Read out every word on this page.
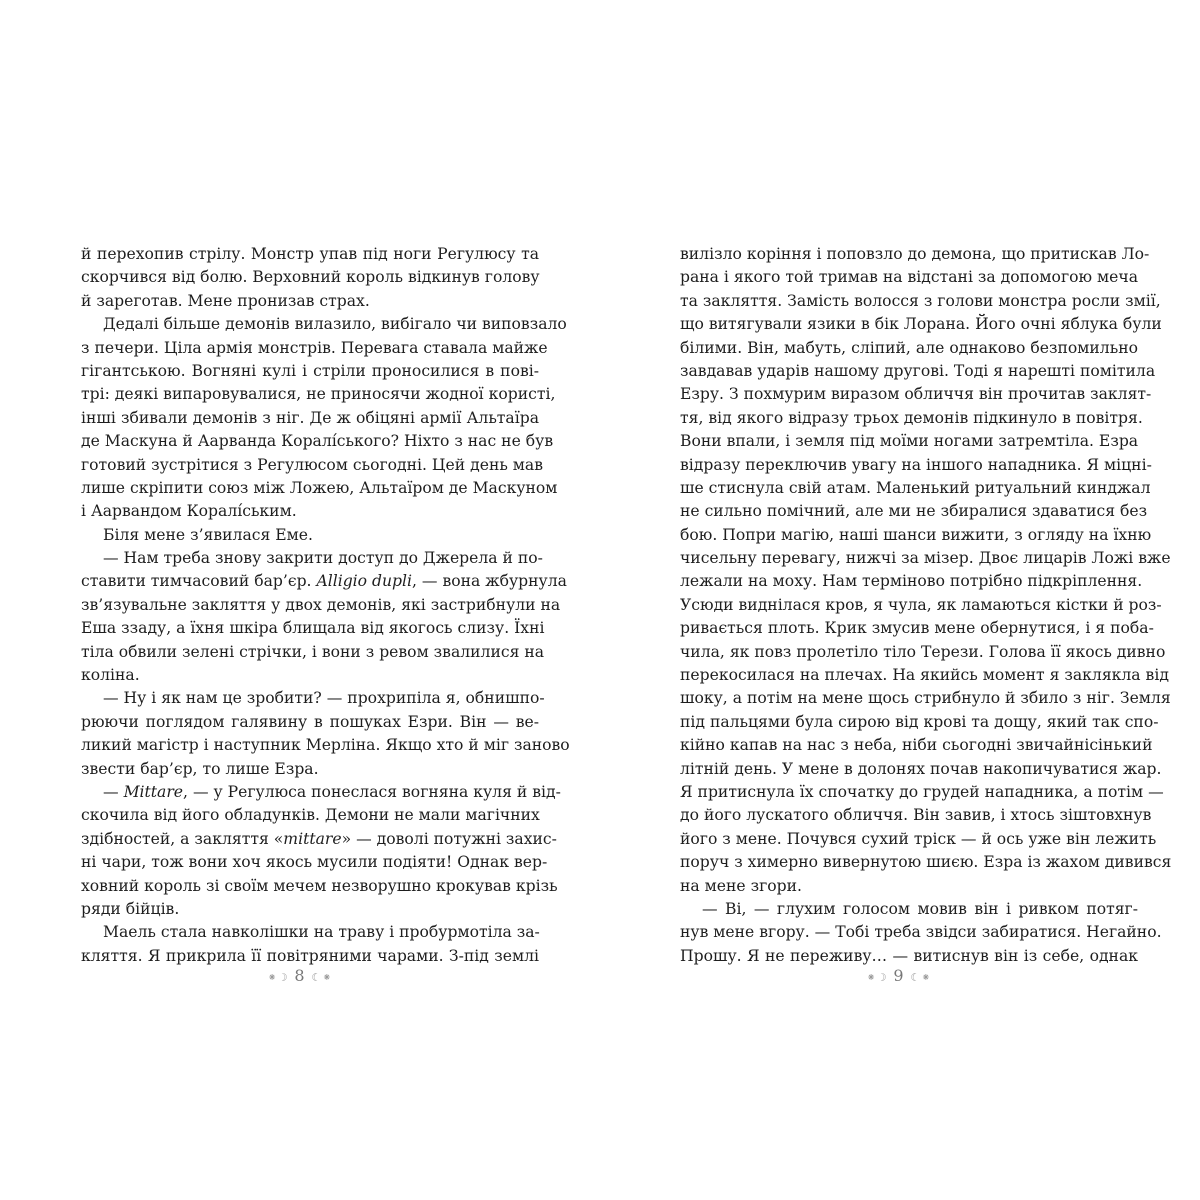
й перехопив стрілу. Монстр упав під ноги Регулюсу та
скорчився від болю. Верховний король відкинув голову
й зареготав. Мене пронизав страх.
Дедалі більше демонів вилазило, вибігало чи виповзало
з печери. Ціла армія монстрів. Перевага ставала майже
гігантською. Вогняні кулі і стріли проносилися в пові-
трі: деякі випаровувалися, не приносячи жодної користі,
інші збивали демонів з ніг. Де ж обіцяні армії Альтаїра
де Маскуна й Аарванда Коралíського? Ніхто з нас не був
готовий зустрітися з Регулюсом сьогодні. Цей день мав
лише скріпити союз між Ложею, Альтаїром де Маскуном
і Аарвандом Коралíським.
Біля мене з’явилася Еме.
— Нам треба знову закрити доступ до Джерела й по-
ставити тимчасовий бар’єр. Alligio dupli, — вона жбурнула
зв’язувальне закляття у двох демонів, які застрибнули на
Еша ззаду, а їхня шкіра блищала від якогось слизу. Їхні
тіла обвили зелені стрічки, і вони з ревом звалилися на
коліна.
— Ну і як нам це зробити? — прохрипіла я, обнишпо-
рюючи поглядом галявину в пошуках Езри. Він — ве-
ликий магістр і наступник Мерліна. Якщо хто й міг заново
звести бар’єр, то лише Езра.
— Mittare, — у Регулюса понеслася вогняна куля й від-
скочила від його обладунків. Демони не мали магічних
здібностей, а закляття «mittare» — доволі потужні захис-
ні чари, тож вони хоч якось мусили подіяти! Однак вер-
ховний король зі своїм мечем незворушно крокував крізь
ряди бійців.
Маель стала навколішки на траву і пробурмотіла за-
кляття. Я прикрила її повітряними чарами. З-під землі
вилізло коріння і поповзло до демона, що притискав Ло-
рана і якого той тримав на відстані за допомогою меча
та закляття. Замість волосся з голови монстра росли змії,
що витягували язики в бік Лорана. Його очні яблука були
білими. Він, мабуть, сліпий, але однаково безпомильно
завдавав ударів нашому другові. Тоді я нарешті помітила
Езру. З похмурим виразом обличчя він прочитав заклят-
тя, від якого відразу трьох демонів підкинуло в повітря.
Вони впали, і земля під моїми ногами затремтіла. Езра
відразу переключив увагу на іншого нападника. Я міцні-
ше стиснула свій атам. Маленький ритуальний кинджал
не сильно помічний, але ми не збиралися здаватися без
бою. Попри магію, наші шанси вижити, з огляду на їхню
чисельну перевагу, нижчі за мізер. Двоє лицарів Ложі вже
лежали на моху. Нам терміново потрібно підкріплення.
Усюди виднілася кров, я чула, як ламаються кістки й роз-
ривається плоть. Крик змусив мене обернутися, і я поба-
чила, як повз пролетіло тіло Терези. Голова її якось дивно
перекосилася на плечах. На якийсь момент я заклякла від
шоку, а потім на мене щось стрибнуло й збило з ніг. Земля
під пальцями була сирою від крові та дощу, який так спо-
кійно капав на нас з неба, ніби сьогодні звичайнісінький
літній день. У мене в долонях почав накопичуватися жар.
Я притиснула їх спочатку до грудей нападника, а потім —
до його лускатого обличчя. Він завив, і хтось зіштовхнув
його з мене. Почувся сухий тріск — й ось уже він лежить
поруч з химерно вивернутою шиєю. Езра із жахом дивився
на мене згори.
— Ві, — глухим голосом мовив він і ривком потяг-
нув мене вгору. — Тобі треба звідси забиратися. Негайно.
Прошу. Я не переживу… — витиснув він із себе, однак
⁕☽ 8 ☾⁕	⁕☽ 9 ☾⁕
